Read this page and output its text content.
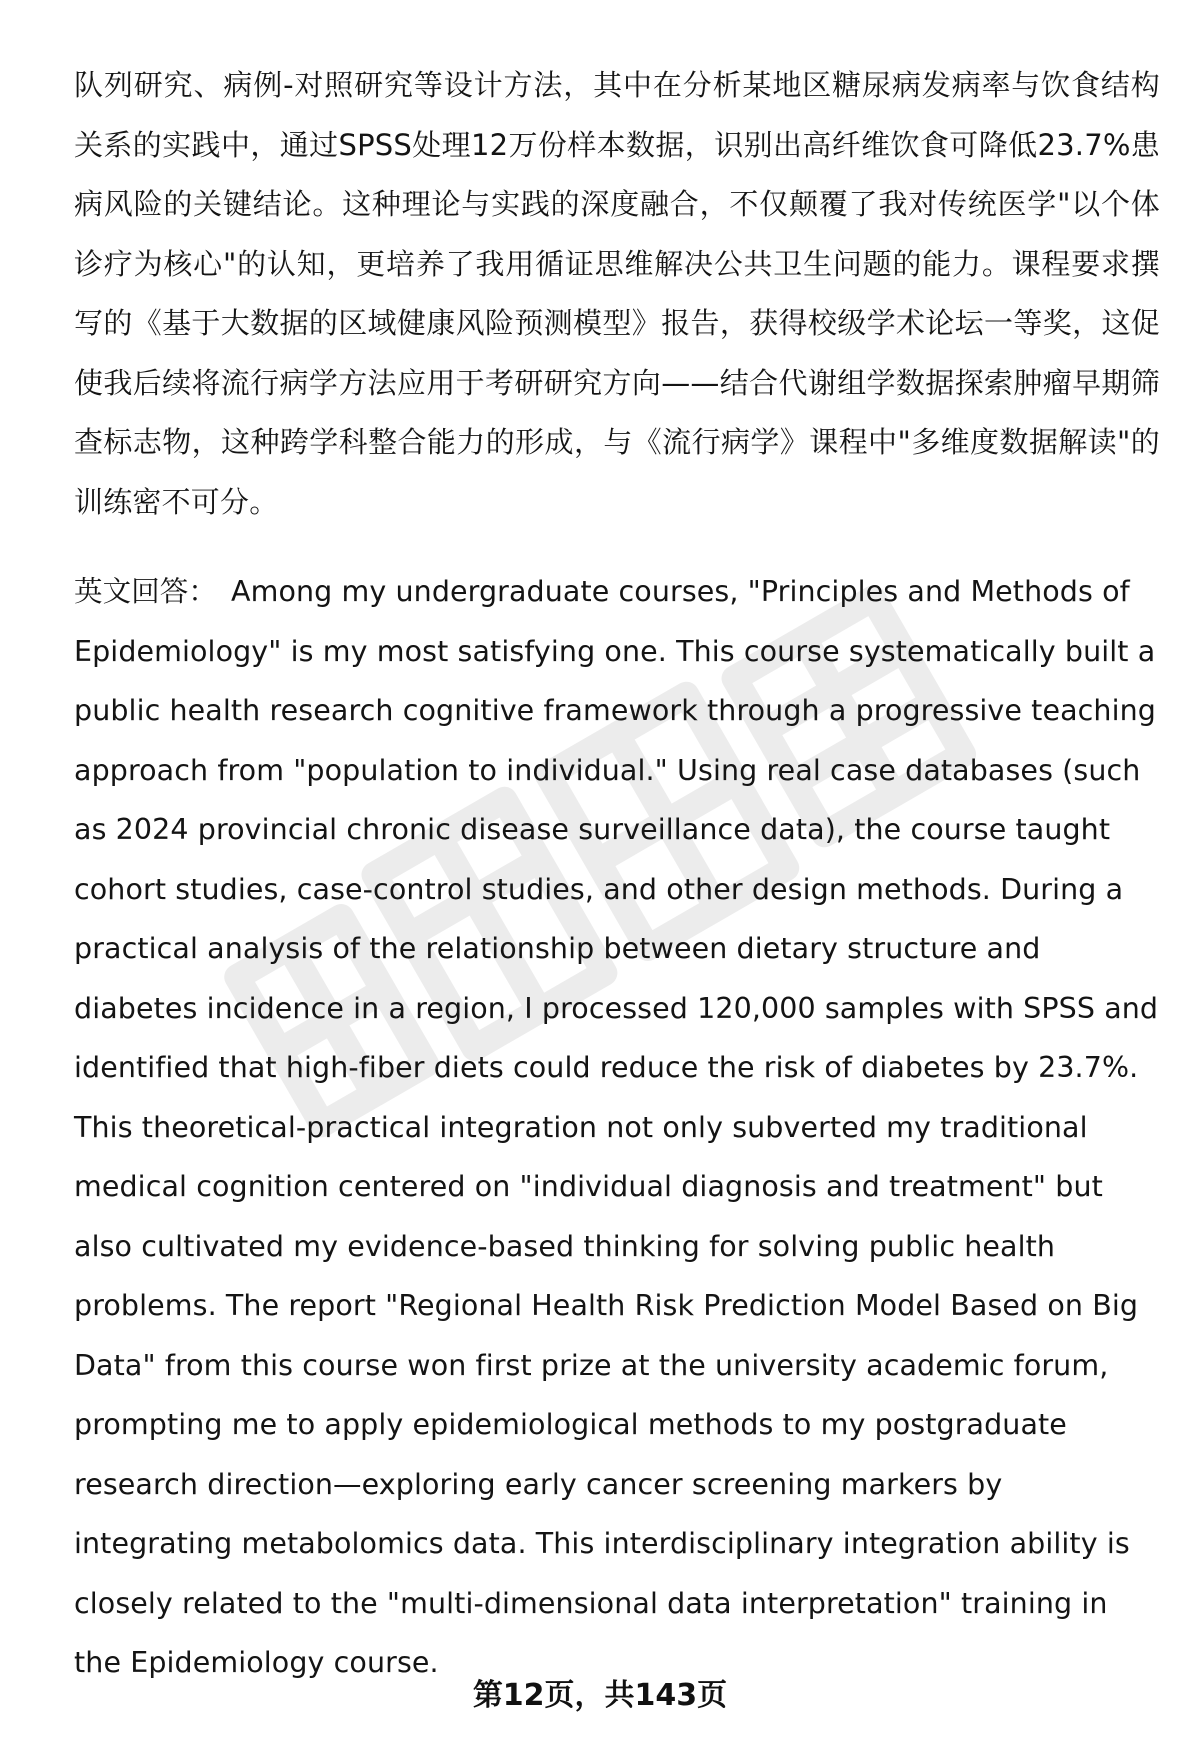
队列研究、病例-对照研究等设计方法，其中在分析某地区糖尿病发病率与饮食结构关系的实践中，通过SPSS处理12万份样本数据，识别出高纤维饮食可降低23.7%患病风险的关键结论。这种理论与实践的深度融合，不仅颠覆了我对传统医学"以个体诊疗为核心"的认知，更培养了我用循证思维解决公共卫生问题的能力。课程要求撰写的《基于大数据的区域健康风险预测模型》报告，获得校级学术论坛一等奖，这促使我后续将流行病学方法应用于考研研究方向——结合代谢组学数据探索肿瘤早期筛查标志物，这种跨学科整合能力的形成，与《流行病学》课程中"多维度数据解读"的训练密不可分。

英文回答： Among my undergraduate courses, "Principles and Methods of Epidemiology" is my most satisfying one. This course systematically built a public health research cognitive framework through a progressive teaching approach from "population to individual." Using real case databases (such as 2024 provincial chronic disease surveillance data), the course taught cohort studies, case-control studies, and other design methods. During a practical analysis of the relationship between dietary structure and diabetes incidence in a region, I processed 120,000 samples with SPSS and identified that high-fiber diets could reduce the risk of diabetes by 23.7%. This theoretical-practical integration not only subverted my traditional medical cognition centered on "individual diagnosis and treatment" but also cultivated my evidence-based thinking for solving public health problems. The report "Regional Health Risk Prediction Model Based on Big Data" from this course won first prize at the university academic forum, prompting me to apply epidemiological methods to my postgraduate research direction—exploring early cancer screening markers by integrating metabolomics data. This interdisciplinary integration ability is closely related to the "multi-dimensional data interpretation" training in the Epidemiology course.

第12页，共143页
